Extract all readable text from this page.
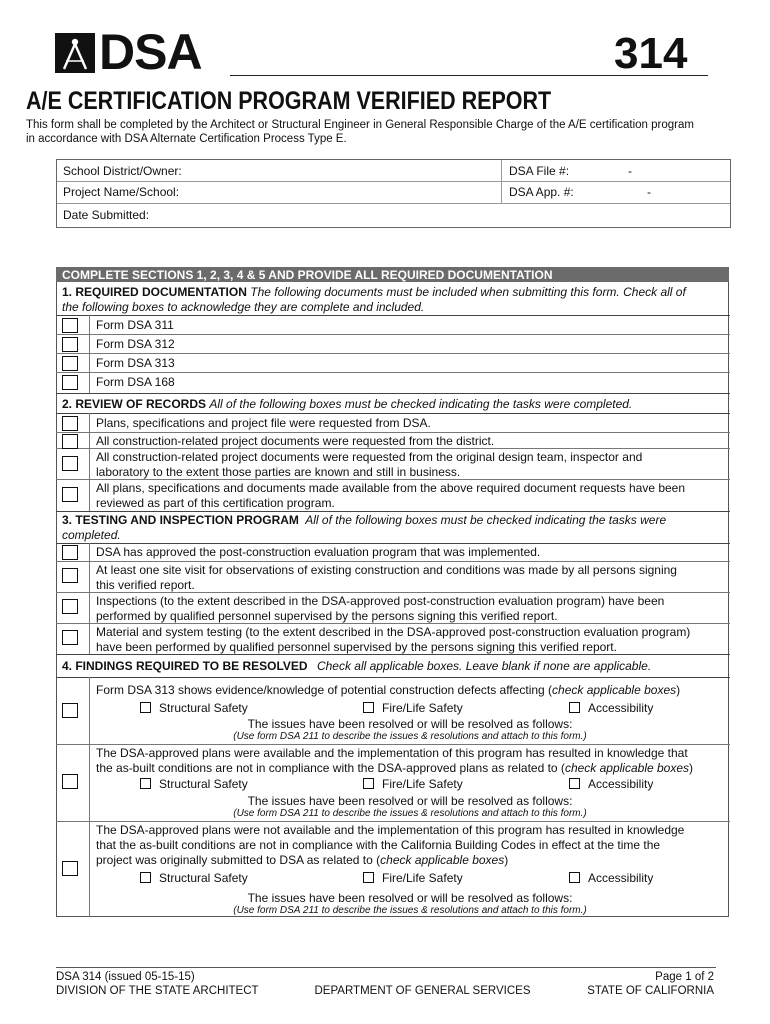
DSA	314
A/E CERTIFICATION PROGRAM VERIFIED REPORT
This form shall be completed by the Architect or Structural Engineer in General Responsible Charge of the A/E certification program
in accordance with DSA Alternate Certification Process Type E.
School District/Owner:	DSA File #:	-
Project Name/School:	DSA App. #:	-
Date Submitted:
COMPLETE SECTIONS 1, 2, 3, 4 & 5 AND PROVIDE ALL REQUIRED DOCUMENTATION
1. REQUIRED DOCUMENTATION The following documents must be included when submitting this form. Check all of
the following boxes to acknowledge they are complete and included.
Form DSA 311
Form DSA 312
Form DSA 313
Form DSA 168
2. REVIEW OF RECORDS All of the following boxes must be checked indicating the tasks were completed.
Plans, specifications and project file were requested from DSA.
All construction-related project documents were requested from the district.
All construction-related project documents were requested from the original design team, inspector and
laboratory to the extent those parties are known and still in business.
All plans, specifications and documents made available from the above required document requests have been
reviewed as part of this certification program.
3. TESTING AND INSPECTION PROGRAM All of the following boxes must be checked indicating the tasks were
completed.
DSA has approved the post-construction evaluation program that was implemented.
At least one site visit for observations of existing construction and conditions was made by all persons signing
this verified report.
Inspections (to the extent described in the DSA-approved post-construction evaluation program) have been
performed by qualified personnel supervised by the persons signing this verified report.
Material and system testing (to the extent described in the DSA-approved post-construction evaluation program)
have been performed by qualified personnel supervised by the persons signing this verified report.
4. FINDINGS REQUIRED TO BE RESOLVED Check all applicable boxes. Leave blank if none are applicable.
Form DSA 313 shows evidence/knowledge of potential construction defects affecting (check applicable boxes)
Structural Safety	Fire/Life Safety	Accessibility
The issues have been resolved or will be resolved as follows:
(Use form DSA 211 to describe the issues & resolutions and attach to this form.)
The DSA-approved plans were available and the implementation of this program has resulted in knowledge that
the as-built conditions are not in compliance with the DSA-approved plans as related to (check applicable boxes)
Structural Safety	Fire/Life Safety	Accessibility
The issues have been resolved or will be resolved as follows:
(Use form DSA 211 to describe the issues & resolutions and attach to this form.)
The DSA-approved plans were not available and the implementation of this program has resulted in knowledge
that the as-built conditions are not in compliance with the California Building Codes in effect at the time the
project was originally submitted to DSA as related to (check applicable boxes)
Structural Safety	Fire/Life Safety	Accessibility
The issues have been resolved or will be resolved as follows:
(Use form DSA 211 to describe the issues & resolutions and attach to this form.)
DSA 314 (issued 05-15-15)	Page 1 of 2
DIVISION OF THE STATE ARCHITECT	DEPARTMENT OF GENERAL SERVICES	STATE OF CALIFORNIA
